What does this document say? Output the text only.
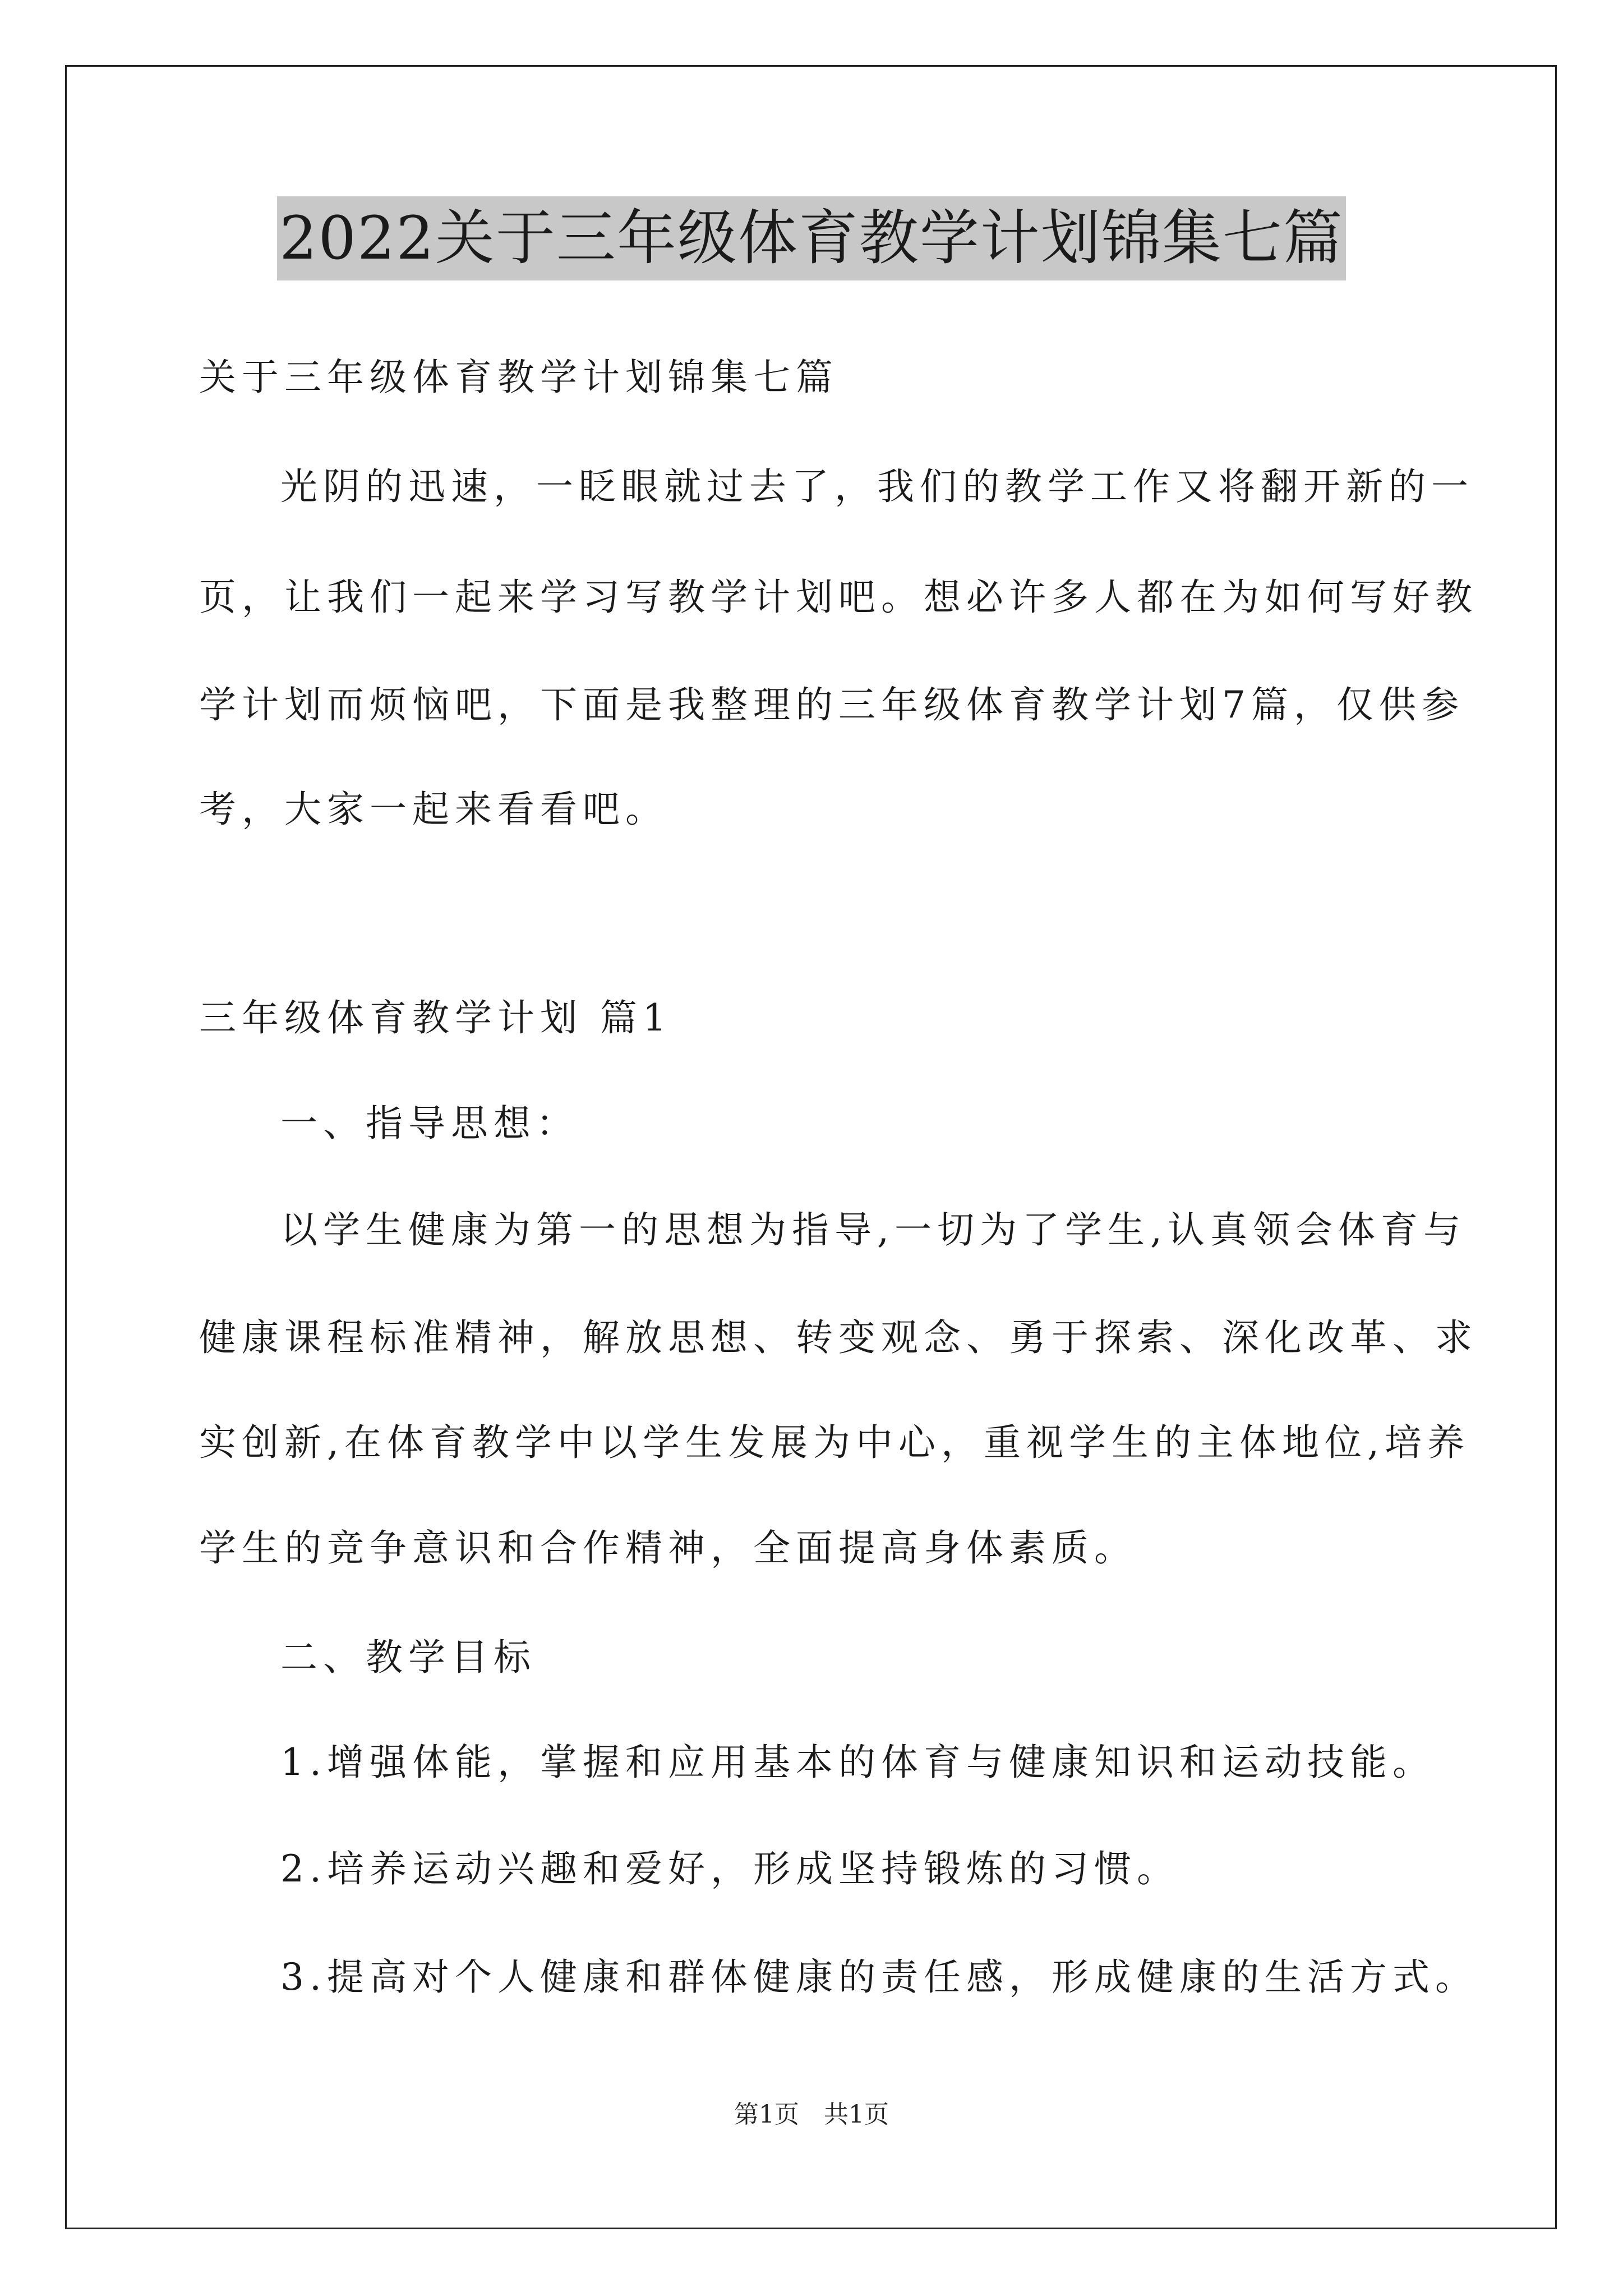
2022关于三年级体育教学计划锦集七篇
关于三年级体育教学计划锦集七篇
光阴的迅速，一眨眼就过去了，我们的教学工作又将翻开新的一
页，让我们一起来学习写教学计划吧。想必许多人都在为如何写好教
学计划而烦恼吧，下面是我整理的三年级体育教学计划7篇，仅供参
考，大家一起来看看吧。
三年级体育教学计划 篇1
一、指导思想：
以学生健康为第一的思想为指导,一切为了学生,认真领会体育与
健康课程标准精神，解放思想、转变观念、勇于探索、深化改革、求
实创新,在体育教学中以学生发展为中心，重视学生的主体地位,培养
学生的竞争意识和合作精神，全面提高身体素质。
二、教学目标
1.增强体能，掌握和应用基本的体育与健康知识和运动技能。
2.培养运动兴趣和爱好，形成坚持锻炼的习惯。
3.提高对个人健康和群体健康的责任感，形成健康的生活方式。
第1页　共1页
